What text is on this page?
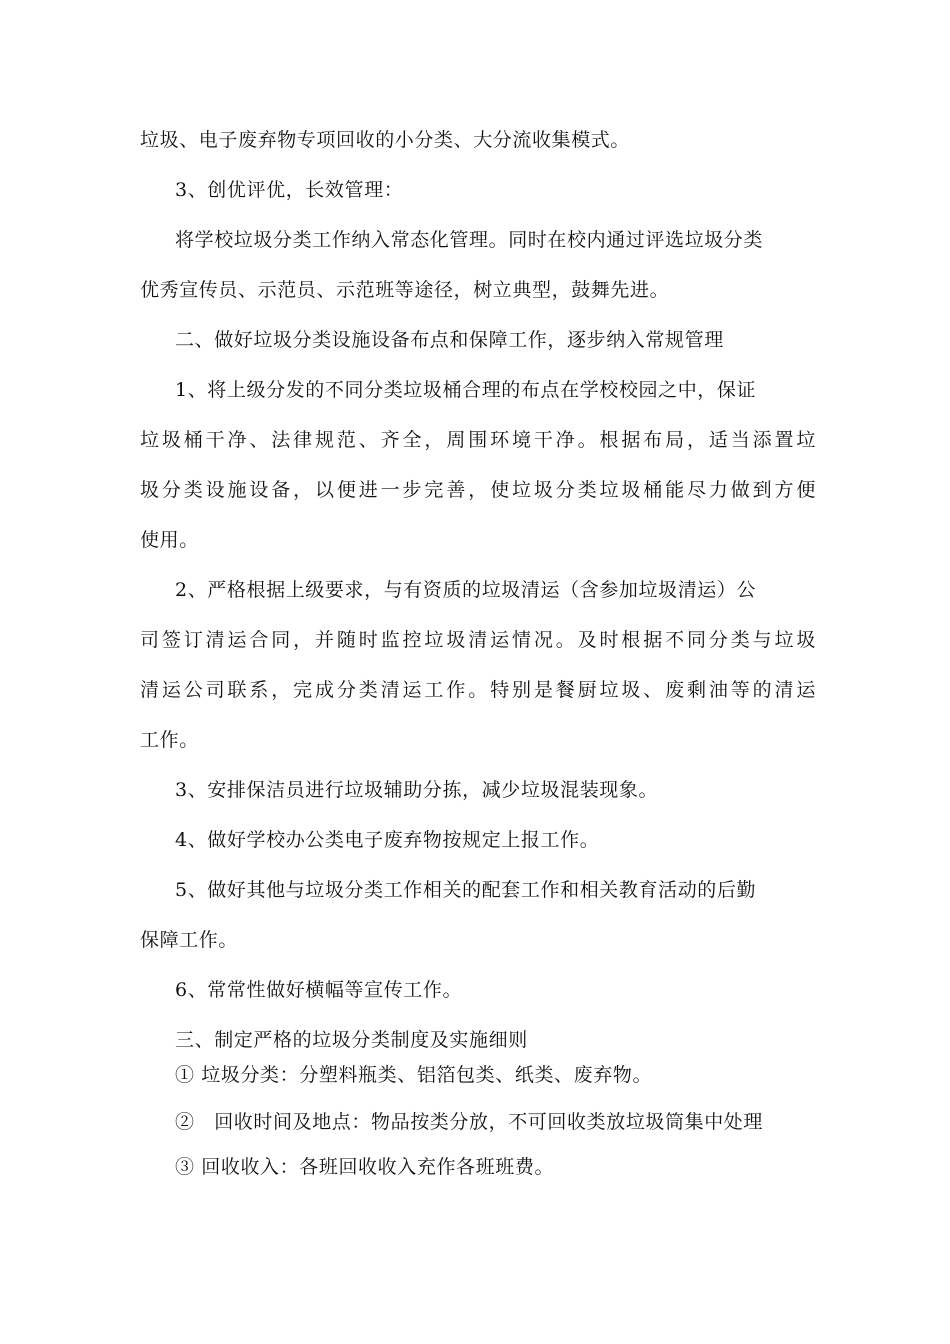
垃圾、电子废弃物专项回收的小分类、大分流收集模式。
3、创优评优，长效管理：
将学校垃圾分类工作纳入常态化管理。同时在校内通过评选垃圾分类
优秀宣传员、示范员、示范班等途径，树立典型，鼓舞先进。
二、做好垃圾分类设施设备布点和保障工作，逐步纳入常规管理
1、将上级分发的不同分类垃圾桶合理的布点在学校校园之中，保证
垃圾桶干净、法律规范、齐全，周围环境干净。根据布局，适当添置垃
圾分类设施设备，以便进一步完善，使垃圾分类垃圾桶能尽力做到方便
使用。
2、严格根据上级要求，与有资质的垃圾清运（含参加垃圾清运）公
司签订清运合同，并随时监控垃圾清运情况。及时根据不同分类与垃圾
清运公司联系，完成分类清运工作。特别是餐厨垃圾、废剩油等的清运
工作。
3、安排保洁员进行垃圾辅助分拣，减少垃圾混装现象。
4、做好学校办公类电子废弃物按规定上报工作。
5、做好其他与垃圾分类工作相关的配套工作和相关教育活动的后勤
保障工作。
6、常常性做好横幅等宣传工作。
三、制定严格的垃圾分类制度及实施细则
① 垃圾分类：分塑料瓶类、铝箔包类、纸类、废弃物。
②　回收时间及地点：物品按类分放，不可回收类放垃圾筒集中处理
③ 回收收入：各班回收收入充作各班班费。
